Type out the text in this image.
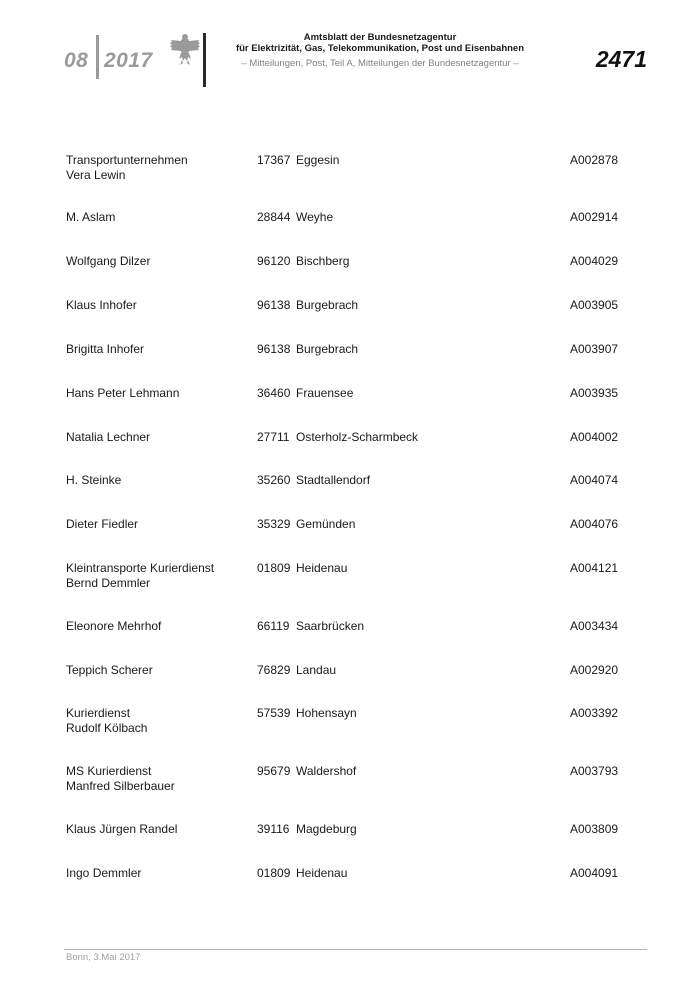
08 2017
Amtsblatt der Bundesnetzagentur
für Elektrizität, Gas, Telekommunikation, Post und Eisenbahnen
– Mitteilungen, Post, Teil A, Mitteilungen der Bundesnetzagentur –	2471
Transportunternehmen
Vera Lewin
17367 Eggesin	A002878
M. Aslam	28844 Weyhe	A002914
Wolfgang Dilzer	96120 Bischberg	A004029
Klaus Inhofer	96138 Burgebrach	A003905
Brigitta Inhofer	96138 Burgebrach	A003907
Hans Peter Lehmann	36460 Frauensee	A003935
Natalia Lechner	27711 Osterholz-Scharmbeck	A004002
H. Steinke	35260 Stadtallendorf	A004074
Dieter Fiedler	35329 Gemünden	A004076
Kleintransporte Kurierdienst
Bernd Demmler
01809 Heidenau	A004121
Eleonore Mehrhof	66119 Saarbrücken	A003434
Teppich Scherer	76829 Landau	A002920
Kurierdienst
Rudolf Kölbach
57539 Hohensayn	A003392
MS Kurierdienst
Manfred Silberbauer
95679 Waldershof	A003793
Klaus Jürgen Randel	39116 Magdeburg	A003809
Ingo Demmler	01809 Heidenau	A004091
Bonn, 3.Mai 2017
